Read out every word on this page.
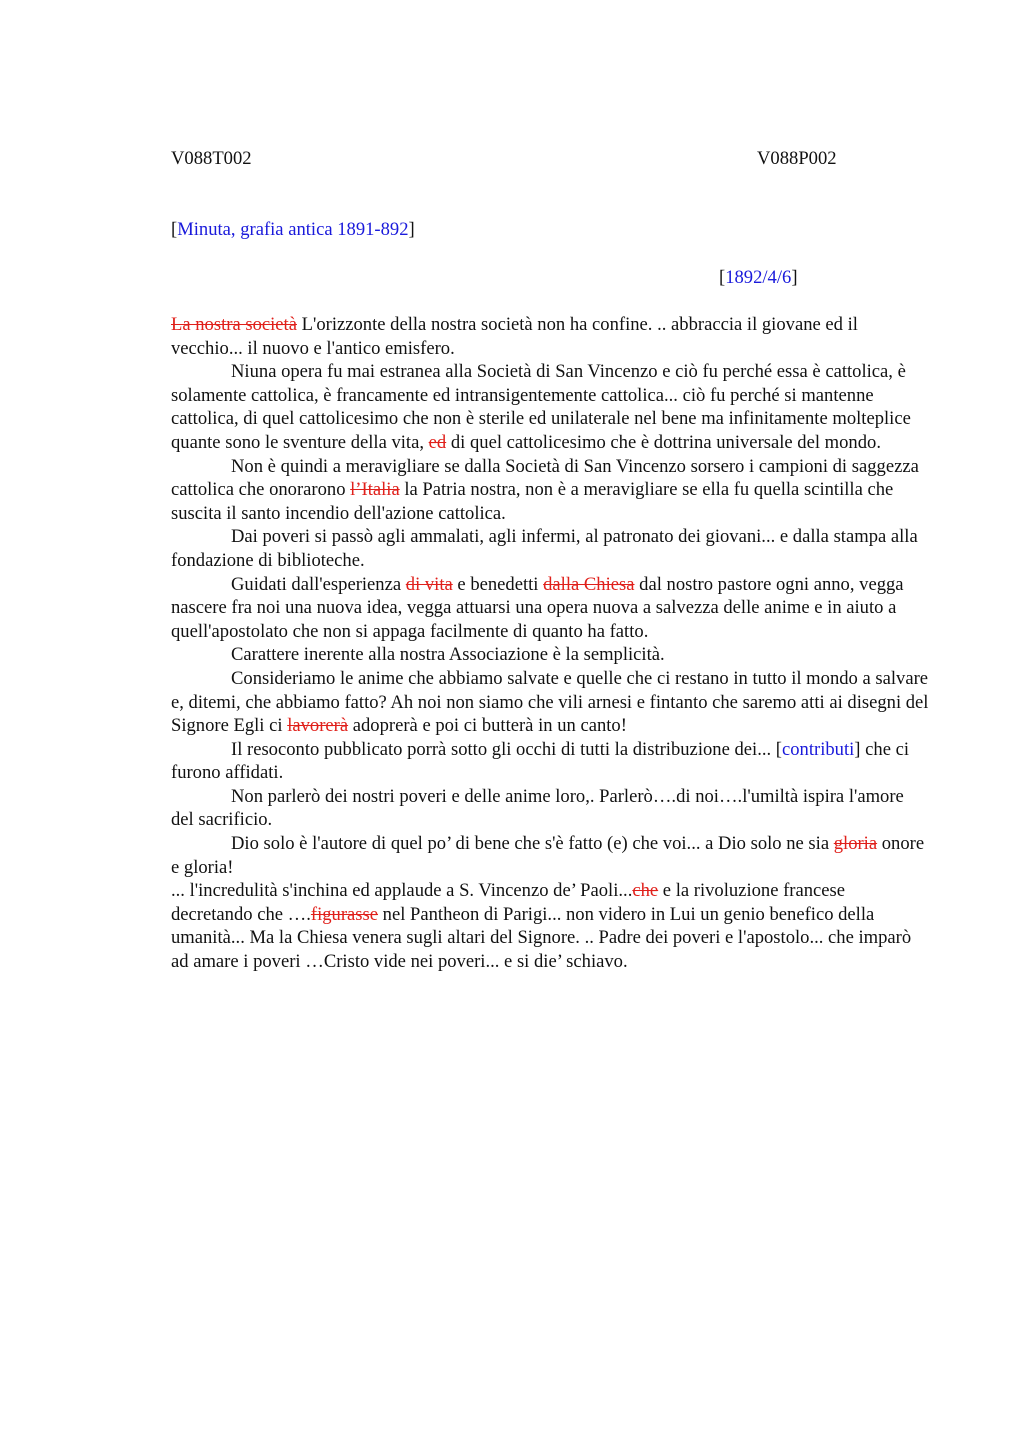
V088T002	V088P002
[Minuta, grafia antica 1891-892]
[1892/4/6]

La nostra società L'orizzonte della nostra società non ha confine. .. abbraccia il giovane ed il vecchio... il nuovo e l'antico emisfero.

Niuna opera fu mai estranea alla Società di San Vincenzo e ciò fu perché essa è cattolica, è solamente cattolica, è francamente ed intransigentemente cattolica... ciò fu perché si mantenne cattolica, di quel cattolicesimo che non è sterile ed unilaterale nel bene ma infinitamente molteplice quante sono le sventure della vita, ed di quel cattolicesimo che è dottrina universale del mondo.

Non è quindi a meravigliare se dalla Società di San Vincenzo sorsero i campioni di saggezza cattolica che onorarono l’Italia la Patria nostra, non è a meravigliare se ella fu quella scintilla che suscita il santo incendio dell'azione cattolica.

Dai poveri si passò agli ammalati, agli infermi, al patronato dei giovani... e dalla stampa alla fondazione di biblioteche.

Guidati dall'esperienza di vita e benedetti dalla Chiesa dal nostro pastore ogni anno, vegga nascere fra noi una nuova idea, vegga attuarsi una opera nuova a salvezza delle anime e in aiuto a quell'apostolato che non si appaga facilmente di quanto ha fatto.

Carattere inerente alla nostra Associazione è la semplicità.

Consideriamo le anime che abbiamo salvate e quelle che ci restano in tutto il mondo a salvare e, ditemi, che abbiamo fatto? Ah noi non siamo che vili arnesi e fintanto che saremo atti ai disegni del Signore Egli ci lavorerà adoprerà e poi ci butterà in un canto!

Il resoconto pubblicato porrà sotto gli occhi di tutti la distribuzione dei... [contributi] che ci furono affidati.

Non parlerò dei nostri poveri e delle anime loro,. Parlerò….di noi….l'umiltà ispira l'amore del sacrificio.

Dio solo è l'autore di quel po’ di bene che s'è fatto (e) che voi... a Dio solo ne sia gloria onore e gloria!

... l'incredulità s'inchina ed applaude a S. Vincenzo de’ Paoli...che e la rivoluzione francese decretando che ….figurasse nel Pantheon di Parigi... non videro in Lui un genio benefico della umanità... Ma la Chiesa venera sugli altari del Signore. .. Padre dei poveri e l'apostolo... che imparò ad amare i poveri …Cristo vide nei poveri... e si die’ schiavo.
